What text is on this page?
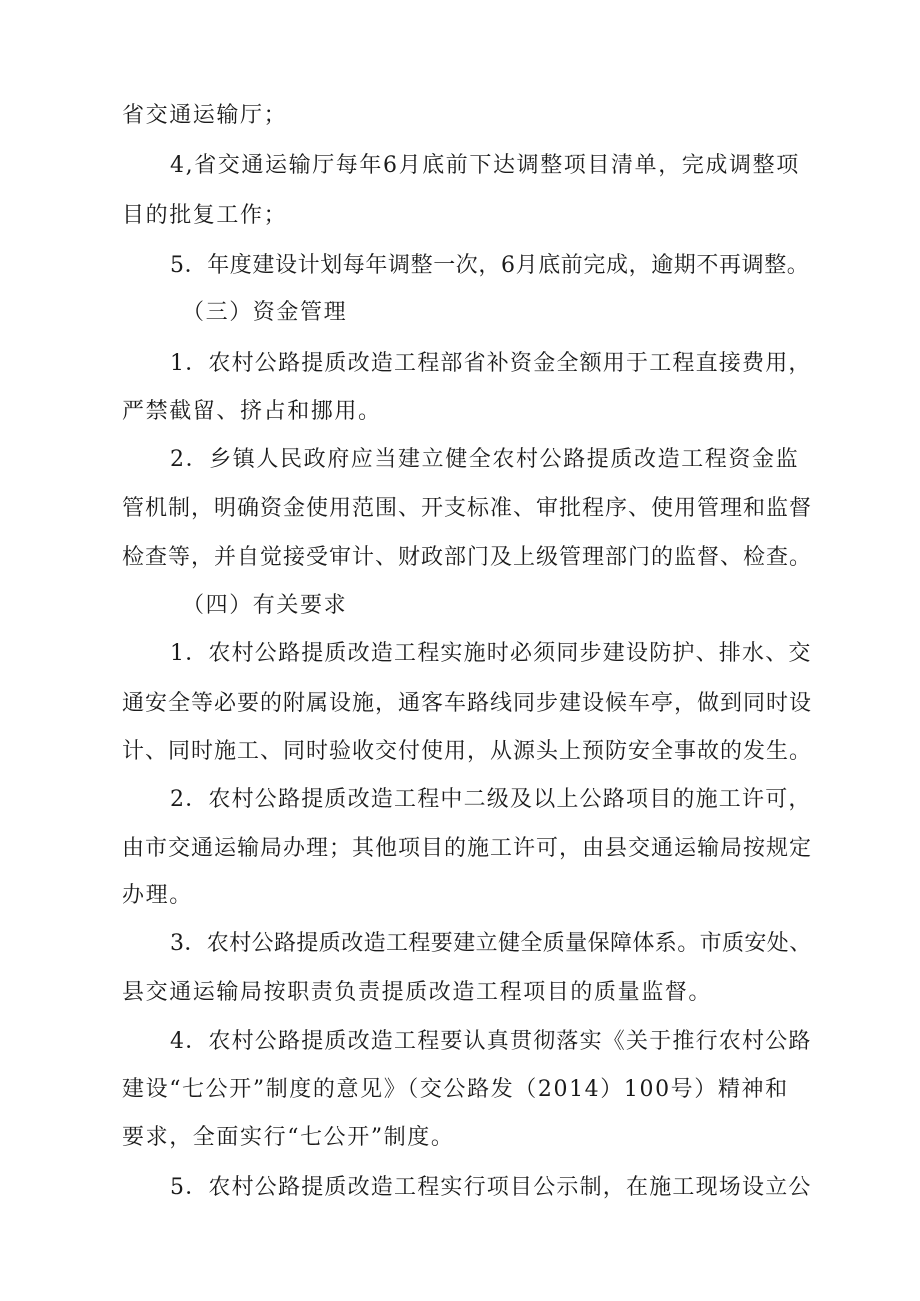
省交通运输厅；
4,省交通运输厅每年6月底前下达调整项目清单，完成调整项
目的批复工作；
5．年度建设计划每年调整一次，6月底前完成，逾期不再调整。
（三）资金管理
1．农村公路提质改造工程部省补资金全额用于工程直接费用，
严禁截留、挤占和挪用。
2．乡镇人民政府应当建立健全农村公路提质改造工程资金监
管机制，明确资金使用范围、开支标准、审批程序、使用管理和监督
检查等，并自觉接受审计、财政部门及上级管理部门的监督、检查。
（四）有关要求
1．农村公路提质改造工程实施时必须同步建设防护、排水、交
通安全等必要的附属设施，通客车路线同步建设候车亭，做到同时设
计、同时施工、同时验收交付使用，从源头上预防安全事故的发生。
2．农村公路提质改造工程中二级及以上公路项目的施工许可，
由市交通运输局办理；其他项目的施工许可，由县交通运输局按规定
办理。
3．农村公路提质改造工程要建立健全质量保障体系。市质安处、
县交通运输局按职责负责提质改造工程项目的质量监督。
4．农村公路提质改造工程要认真贯彻落实《关于推行农村公路
建设“七公开”制度的意见》（交公路发（2014）100号）精神和
要求，全面实行“七公开”制度。
5．农村公路提质改造工程实行项目公示制，在施工现场设立公
